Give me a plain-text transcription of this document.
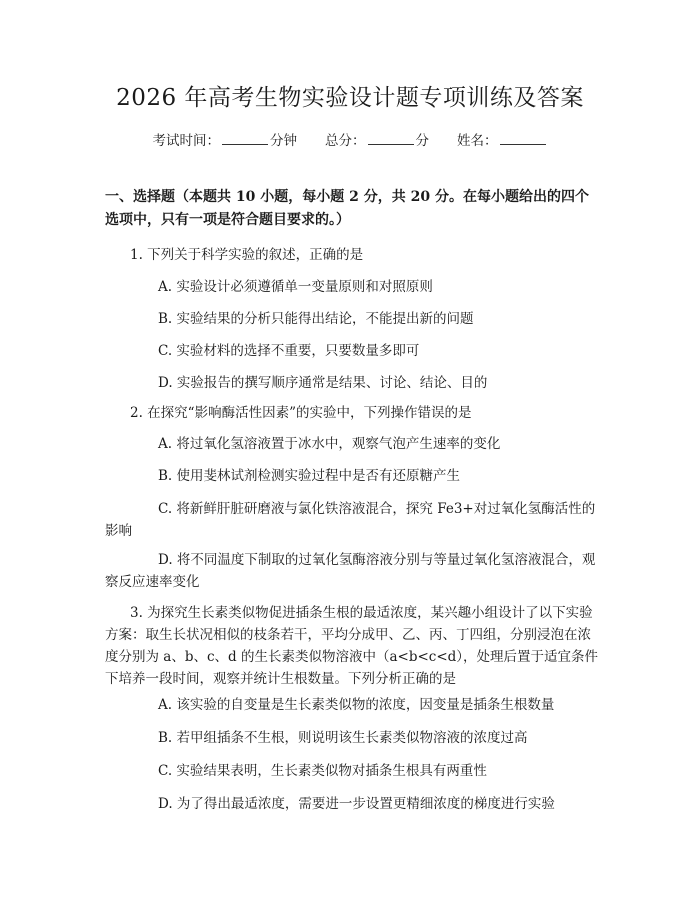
2026 年高考生物实验设计题专项训练及答案
考试时间：	分钟 总分：	分 姓名：
一、选择题（本题共 10 小题，每小题 2 分，共 20 分。在每小题给出的四个选项中，只有一项是符合题目要求的。）
1. 下列关于科学实验的叙述，正确的是
A. 实验设计必须遵循单一变量原则和对照原则
B. 实验结果的分析只能得出结论，不能提出新的问题
C. 实验材料的选择不重要，只要数量多即可
D. 实验报告的撰写顺序通常是结果、讨论、结论、目的
2. 在探究“影响酶活性因素”的实验中，下列操作错误的是
A. 将过氧化氢溶液置于冰水中，观察气泡产生速率的变化
B. 使用斐林试剂检测实验过程中是否有还原糖产生
C. 将新鲜肝脏研磨液与氯化铁溶液混合，探究 Fe3+对过氧化氢酶活性的影响
D. 将不同温度下制取的过氧化氢酶溶液分别与等量过氧化氢溶液混合，观察反应速率变化
3. 为探究生长素类似物促进插条生根的最适浓度，某兴趣小组设计了以下实验方案：取生长状况相似的枝条若干，平均分成甲、乙、丙、丁四组，分别浸泡在浓度分别为 a、b、c、d 的生长素类似物溶液中（a<b<c<d），处理后置于适宜条件下培养一段时间，观察并统计生根数量。下列分析正确的是
A. 该实验的自变量是生长素类似物的浓度，因变量是插条生根数量
B. 若甲组插条不生根，则说明该生长素类似物溶液的浓度过高
C. 实验结果表明，生长素类似物对插条生根具有两重性
D. 为了得出最适浓度，需要进一步设置更精细浓度的梯度进行实验
